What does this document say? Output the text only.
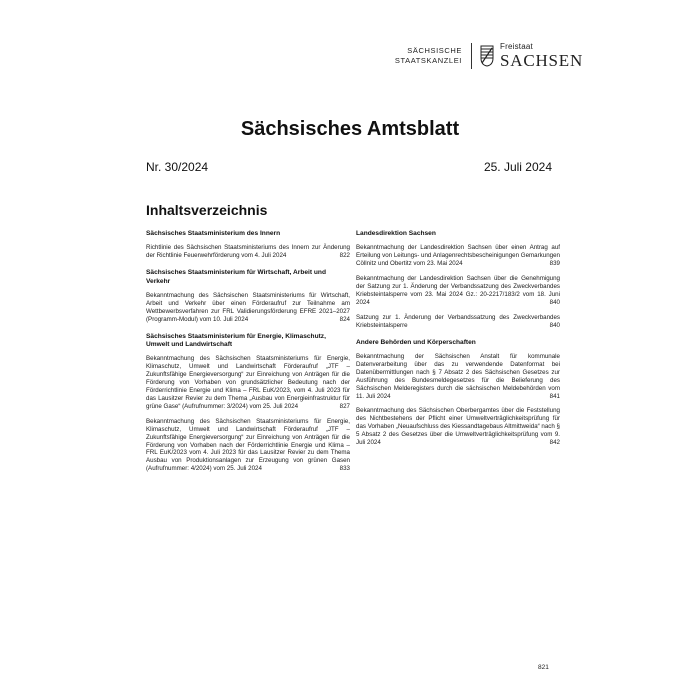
SÄCHSISCHE
STAATSKANZLEI
Freistaat
SACHSEN
Sächsisches Amtsblatt
Nr. 30/2024	25. Juli 2024
Inhaltsverzeichnis
Sächsisches Staatsministerium des Innern
Richtlinie des Sächsischen Staatsministeriums des Innern zur Änderung der Richtlinie Feuerwehrförderung vom 4. Juli 2024	822
Sächsisches Staatsministerium für Wirtschaft, Arbeit und Verkehr
Bekanntmachung des Sächsischen Staatsministeriums für Wirtschaft, Arbeit und Verkehr über einen Förderaufruf zur Teilnahme am Wettbewerbsverfahren zur FRL Validierungsförderung EFRE 2021–2027 (Programm-Modul) vom 10. Juli 2024	824
Sächsisches Staatsministerium für Energie, Klimaschutz, Umwelt und Landwirtschaft
Bekanntmachung des Sächsischen Staatsministeriums für Energie, Klimaschutz, Umwelt und Landwirtschaft Förderaufruf „JTF – Zukunftsfähige Energieversorgung“ zur Einreichung von Anträgen für die Förderung von Vorhaben von grundsätzlicher Bedeutung nach der Förderrichtlinie Energie und Klima – FRL EuK/2023, vom 4. Juli 2023 für das Lausitzer Revier zu dem Thema „Ausbau von Energieinfrastruktur für grüne Gase“ (Aufrufnummer: 3/2024) vom 25. Juli 2024	827
Bekanntmachung des Sächsischen Staatsministeriums für Energie, Klimaschutz, Umwelt und Landwirtschaft Förderaufruf „JTF – Zukunftsfähige Energieversorgung“ zur Einreichung von Anträgen für die Förderung von Vorhaben nach der Förderrichtlinie Energie und Klima – FRL EuK/2023 vom 4. Juli 2023 für das Lausitzer Revier zu dem Thema Ausbau von Produktionsanlagen zur Erzeugung von grünen Gasen (Aufrufnummer: 4/2024) vom 25. Juli 2024	833
Landesdirektion Sachsen
Bekanntmachung der Landesdirektion Sachsen über einen Antrag auf Erteilung von Leitungs- und Anlagenrechtsbescheinigungen Gemarkungen Cöllnitz und Obertitz vom 23. Mai 2024	839
Bekanntmachung der Landesdirektion Sachsen über die Genehmigung der Satzung zur 1. Änderung der Verbandssatzung des Zweckverbandes Kriebsteintalsperre vom 23. Mai 2024 Gz.: 20-2217/183/2 vom 18. Juni 2024	840
Satzung zur 1. Änderung der Verbandssatzung des Zweckverbandes Kriebsteintalsperre	840
Andere Behörden und Körperschaften
Bekanntmachung der Sächsischen Anstalt für kommunale Datenverarbeitung über das zu verwendende Datenformat bei Datenübermittlungen nach § 7 Absatz 2 des Sächsischen Gesetzes zur Ausführung des Bundesmeldegesetzes für die Belieferung des Sächsischen Melderegisters durch die sächsischen Meldebehörden vom 11. Juli 2024	841
Bekanntmachung des Sächsischen Oberbergamtes über die Feststellung des Nichtbestehens der Pflicht einer Umweltverträglichkeitsprüfung für das Vorhaben „Neuaufschluss des Kiessandtagebaus Altmittweida“ nach § 5 Absatz 2 des Gesetzes über die Umweltverträglichkeitsprüfung vom 9. Juli 2024	842
821
